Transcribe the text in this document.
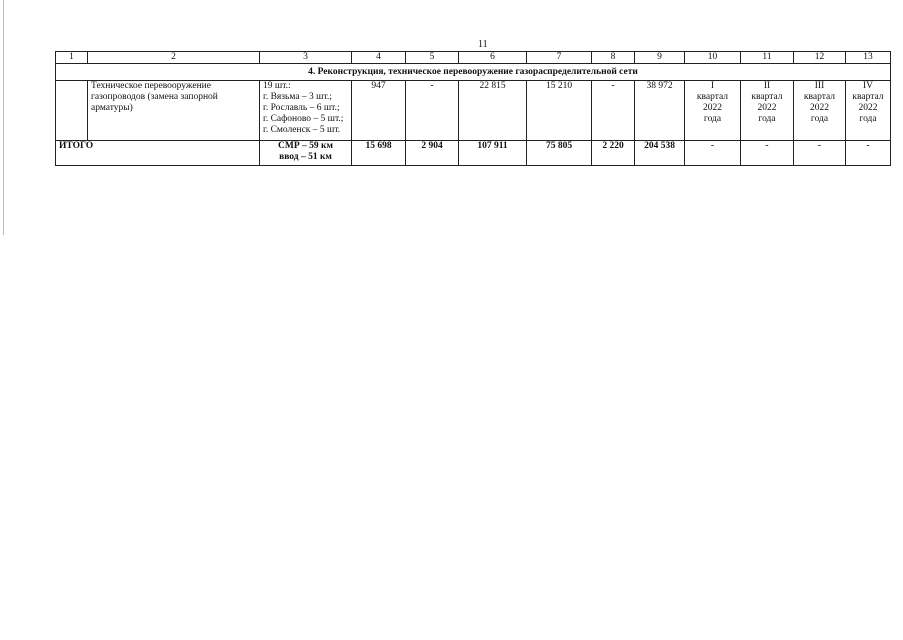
11
1	2	3	4	5	6	7	8	9	10	11	12	13
4. Реконструкция, техническое перевооружение газораспределительной сети												

	Техническое перевооружение
газопроводов (замена запорной
арматуры)	19 шт.:
г. Вязьма – 3 шт.;
г. Рославль – 6 шт.;
г. Сафоново – 5 шт.;
г. Смоленск – 5 шт.	947	-	22 815	15 210	-	38 972	I
квартал
2022
года	II
квартал
2022
года	III
квартал
2022
года	IV
квартал
2022
года

ИТОГО		СМР – 59 км
ввод – 51 км	15 698	2 904	107 911	75 805	2 220	204 538	-	-	-	-
